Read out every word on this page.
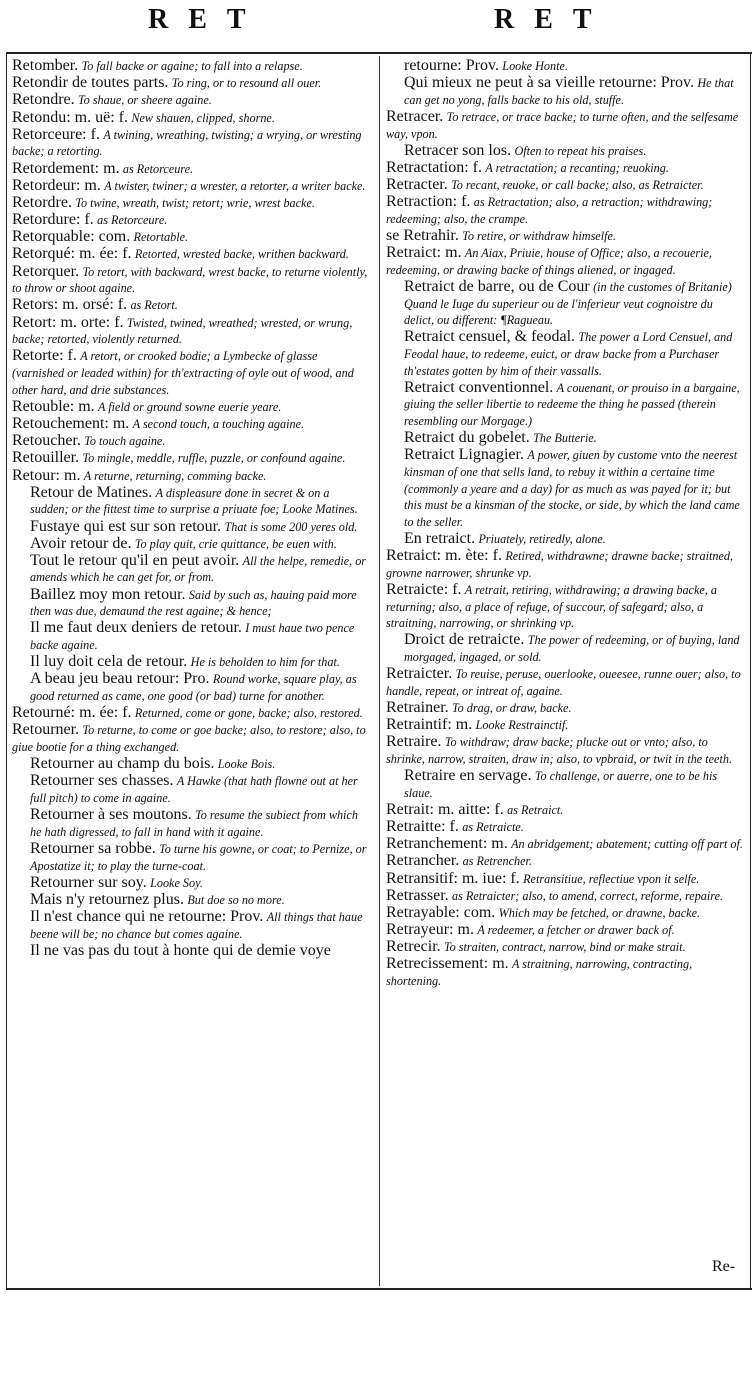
RET	RET
Retomber. To fall backe or againe; to fall into a relapse.
Retondir de toutes parts. To ring, or to resound all ouer.
Retondre. To shaue, or sheere againe.
Retondu: m. uë: f. New shauen, clipped, shorne.
Retorceure: f. A twining, wreathing, twisting; a wrying, or wresting backe; a retorting.
Retordement: m. as Retorceure.
Retordeur: m. A twister, twiner; a wrester, a retorter, a writer backe.
Retordre. To twine, wreath, twist; retort; wrie, wrest backe.
Retordure: f. as Retorceure.
Retorquable: com. Retortable.
Retorqué: m. ée: f. Retorted, wrested backe, writhen backward.
Retorquer. To retort, with backward, wrest backe, to returne violently, to throw or shoot againe.
Retors: m. orsé: f. as Retort.
Retort: m. orte: f. Twisted, twined, wreathed; wrested, or wrung, backe; retorted, violently returned.
Retorte: f. A retort, or crooked bodie; a Lymbecke of glasse (varnished or leaded within) for th'extracting of oyle out of wood, and other hard, and drie substances.
Retouble: m. A field or ground sowne euerie yeare.
Retouchement: m. A second touch, a touching againe.
Retoucher. To touch againe.
Retouiller. To mingle, meddle, ruffle, puzzle, or confound againe.
Retour: m. A returne, returning, comming backe.
Retour de Matines. A displeasure done in secret & on a sudden; or the fittest time to surprise a priuate foe; Looke Matines.
Fustaye qui est sur son retour. That is some 200 yeres old.
Avoir retour de. To play quit, crie quittance, be euen with.
Tout le retour qu'il en peut avoir. All the helpe, remedie, or amends which he can get for, or from.
Baillez moy mon retour. Said by such as, hauing paid more then was due, demaund the rest againe; & hence;
Il me faut deux deniers de retour. I must haue two pence backe againe.
Il luy doit cela de retour. He is beholden to him for that.
A beau jeu beau retour: Pro. Round worke, square play, as good returned as came, one good (or bad) turne for another.
Retourné: m. ée: f. Returned, come or gone, backe; also, restored.
Retourner. To returne, to come or goe backe; also, to restore; also, to giue bootie for a thing exchanged.
Retourner au champ du bois. Looke Bois.
Retourner ses chasses. A Hawke (that hath flowne out at her full pitch) to come in againe.
Retourner à ses moutons. To resume the subiect from which he hath digressed, to fall in hand with it againe.
Retourner sa robbe. To turne his gowne, or coat; to Pernize, or Apostatize it; to play the turne-coat.
Retourner sur soy. Looke Soy.
Mais n'y retournez plus. But doe so no more.
Il n'est chance qui ne retourne: Prov. All things that haue beene will be; no chance but comes againe.
Il ne vas pas du tout à honte qui de demie voye
retourne: Prov. Looke Honte.
Qui mieux ne peut à sa vieille retourne: Prov. He that can get no yong, falls backe to his old, stuffe.
Retracer. To retrace, or trace backe; to turne often, and the selfesame way, vpon.
Retracer son los. Often to repeat his praises.
Retractation: f. A retractation; a recanting; reuoking.
Retracter. To recant, reuoke, or call backe; also, as Retraicter.
Retraction: f. as Retractation; also, a retraction; withdrawing; redeeming; also, the crampe.
se Retrahir. To retire, or withdraw himselfe.
Retraict: m. An Aiax, Priuie, house of Office; also, a recouerie, redeeming, or drawing backe of things aliened, or ingaged.
Retraict de barre, ou de Cour (in the customes of Britanie) Quand le Iuge du superieur ou de l'inferieur veut cognoistre du delict, ou different: ¶Ragueau.
Retraict censuel, & feodal. The power a Lord Censuel, and Feodal haue, to redeeme, euict, or draw backe from a Purchaser th'estates gotten by him of their vassalls.
Retraict conventionnel. A couenant, or prouiso in a bargaine, giuing the seller libertie to redeeme the thing he passed (therein resembling our Morgage.)
Retraict du gobelet. The Butterie.
Retraict Lignagier. A power, giuen by custome vnto the neerest kinsman of one that sells land, to rebuy it within a certaine time (commonly a yeare and a day) for as much as was payed for it; but this must be a kinsman of the stocke, or side, by which the land came to the seller.
En retraict. Priuately, retiredly, alone.
Retraict: m. ète: f. Retired, withdrawne; drawne backe; straitned, growne narrower, shrunke vp.
Retraicte: f. A retrait, retiring, withdrawing; a drawing backe, a returning; also, a place of refuge, of succour, of safegard; also, a straitning, narrowing, or shrinking vp.
Droict de retraicte. The power of redeeming, or of buying, land morgaged, ingaged, or sold.
Retraicter. To reuise, peruse, ouerlooke, oueesee, runne ouer; also, to handle, repeat, or intreat of, againe.
Retrainer. To drag, or draw, backe.
Retraintif: m. Looke Restrainctif.
Retraire. To withdraw; draw backe; plucke out or vnto; also, to shrinke, narrow, straiten, draw in; also, to vpbraid, or twit in the teeth.
Retraire en servage. To challenge, or auerre, one to be his slaue.
Retrait: m. aitte: f. as Retraict.
Retraitte: f. as Retraicte.
Retranchement: m. An abridgement; abatement; cutting off part of.
Retrancher. as Retrencher.
Retransitif: m. iue: f. Retransitiue, reflectiue vpon it selfe.
Retrasser. as Retraicter; also, to amend, correct, reforme, repaire.
Retrayable: com. Which may be fetched, or drawne, backe.
Retrayeur: m. A redeemer, a fetcher or drawer back of.
Retrecir. To straiten, contract, narrow, bind or make strait.
Retrecissement: m. A straitning, narrowing, contracting, shortening.
Re-
